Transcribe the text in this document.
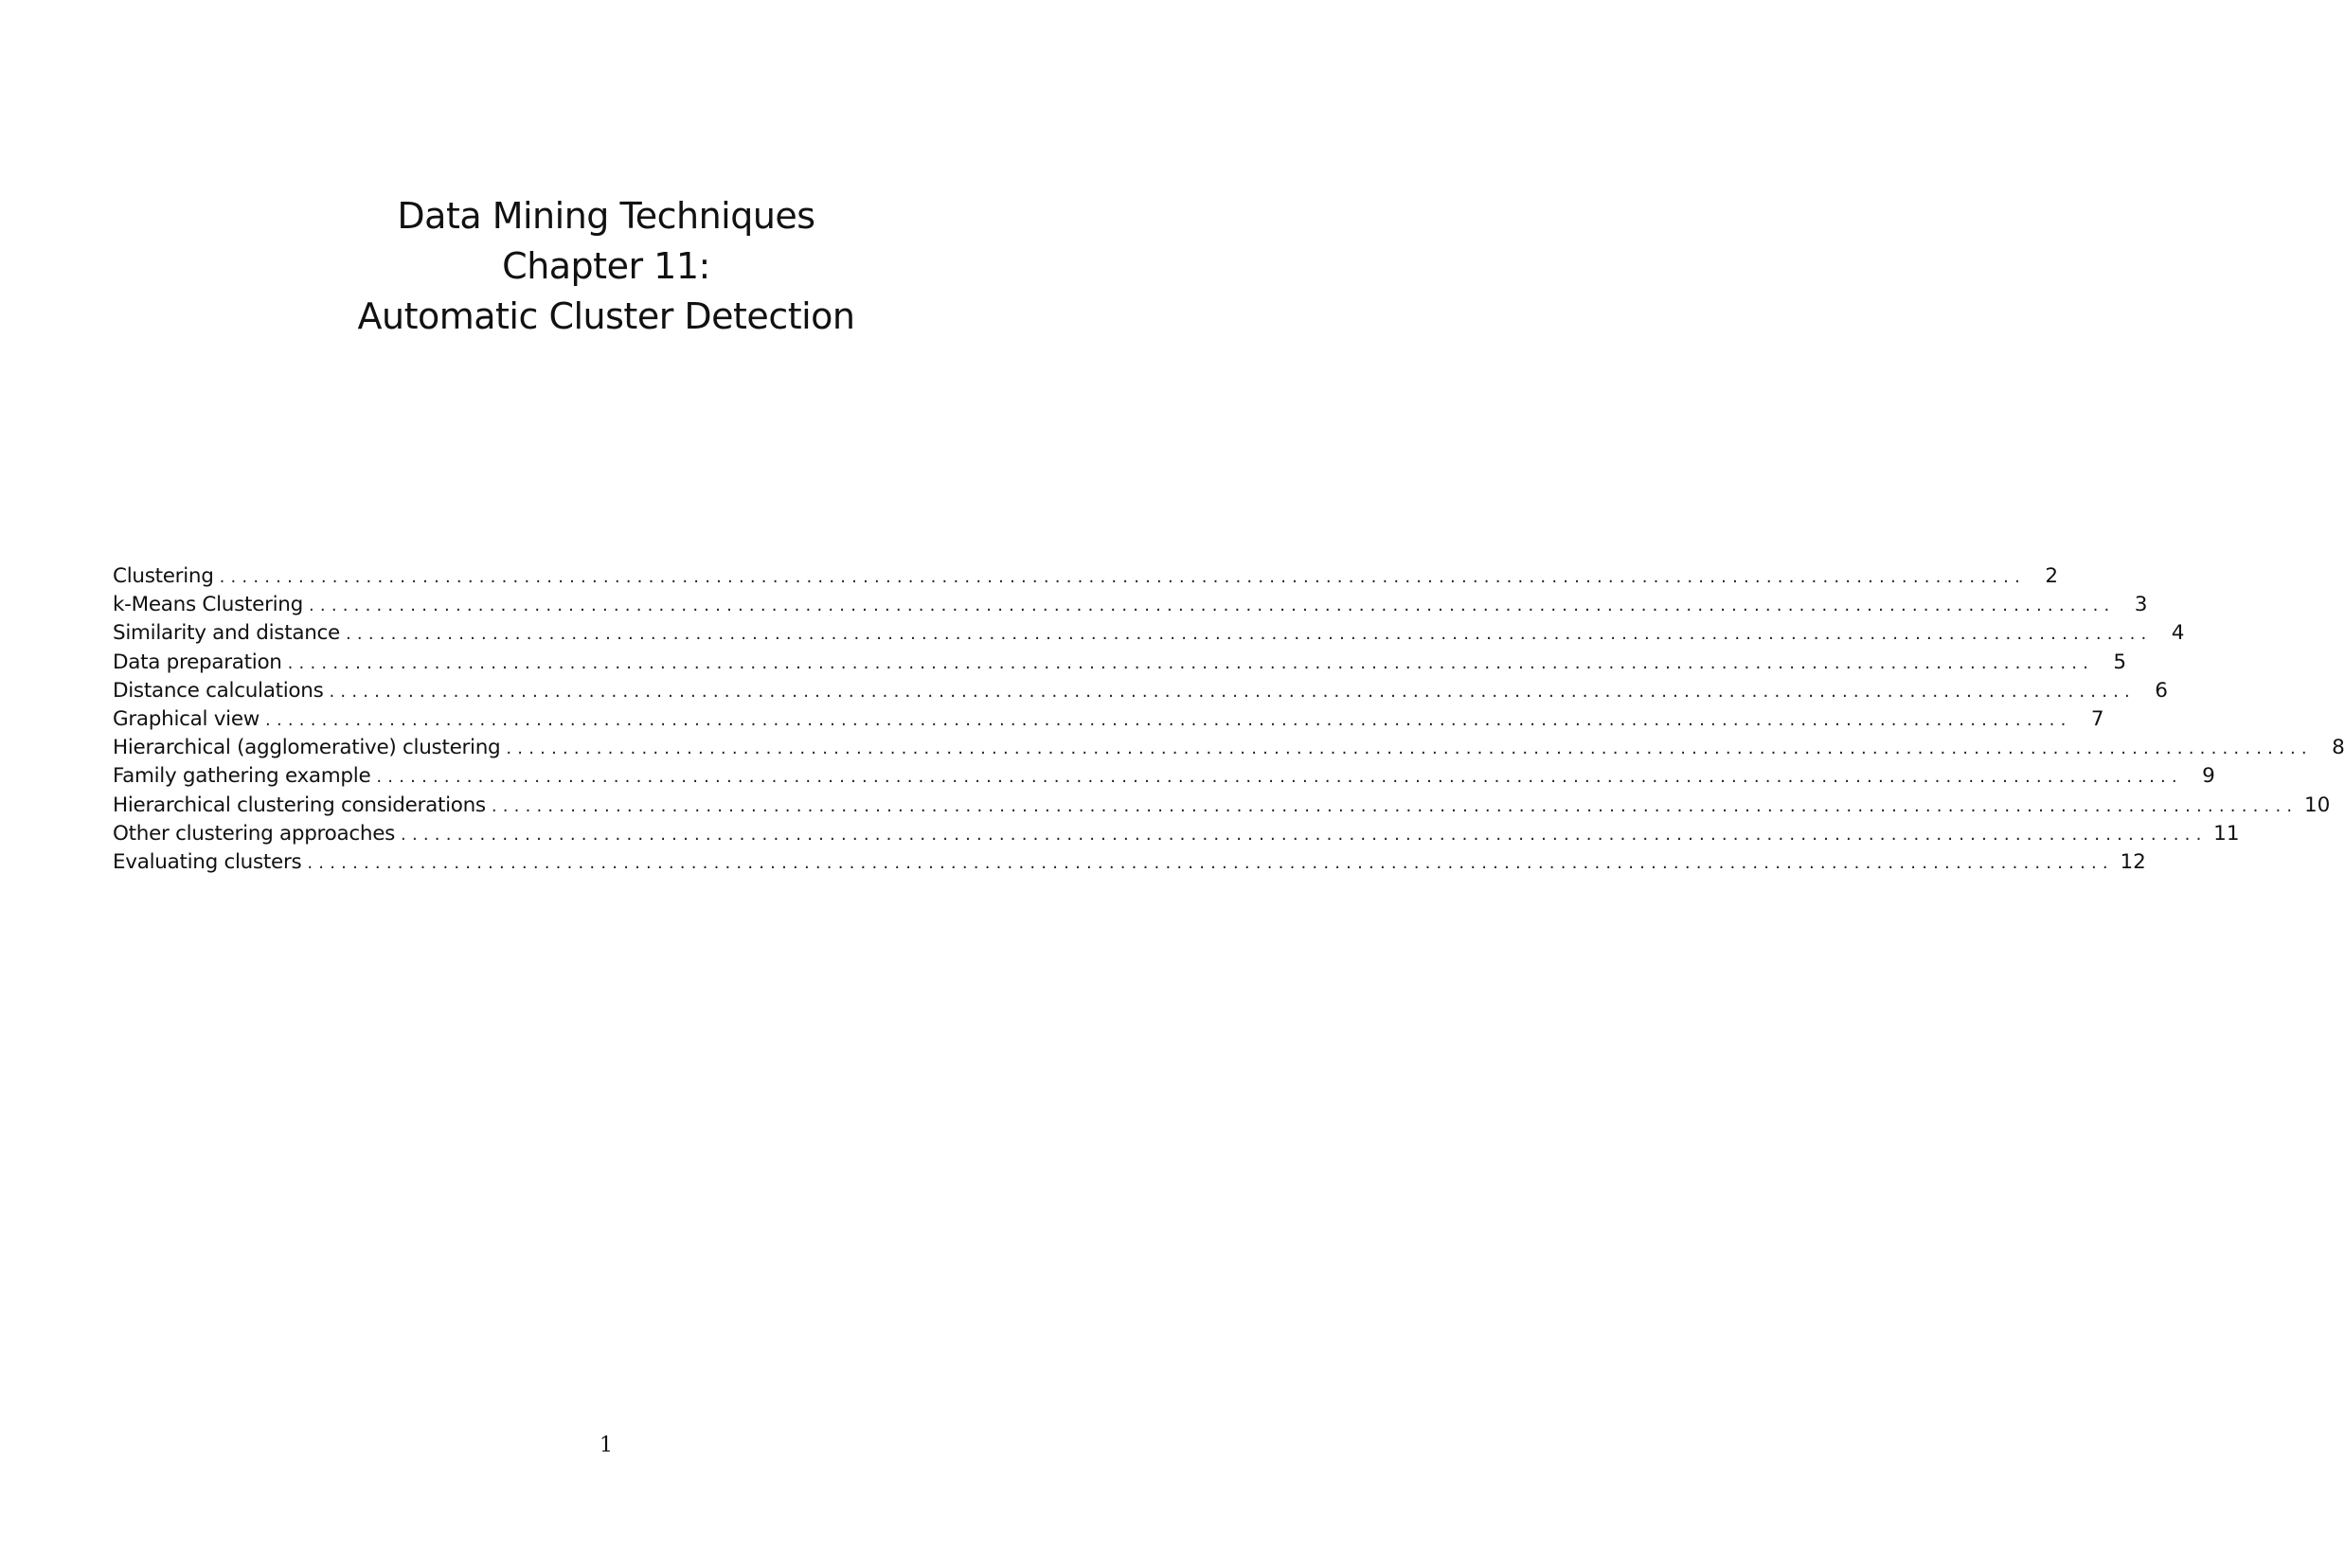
Data Mining Techniques
Chapter 11:
Automatic Cluster Detection
Clustering ................................................................................................................................................................ 2
k-Means Clustering ................................................................................................................................................................ 3
Similarity and distance ................................................................................................................................................................ 4
Data preparation ................................................................................................................................................................ 5
Distance calculations ................................................................................................................................................................ 6
Graphical view ................................................................................................................................................................ 7
Hierarchical (agglomerative) clustering ................................................................................................................................................................ 8
Family gathering example ................................................................................................................................................................ 9
Hierarchical clustering considerations ................................................................................................................................................................ 10
Other clustering approaches ................................................................................................................................................................ 11
Evaluating clusters ................................................................................................................................................................ 12
1
